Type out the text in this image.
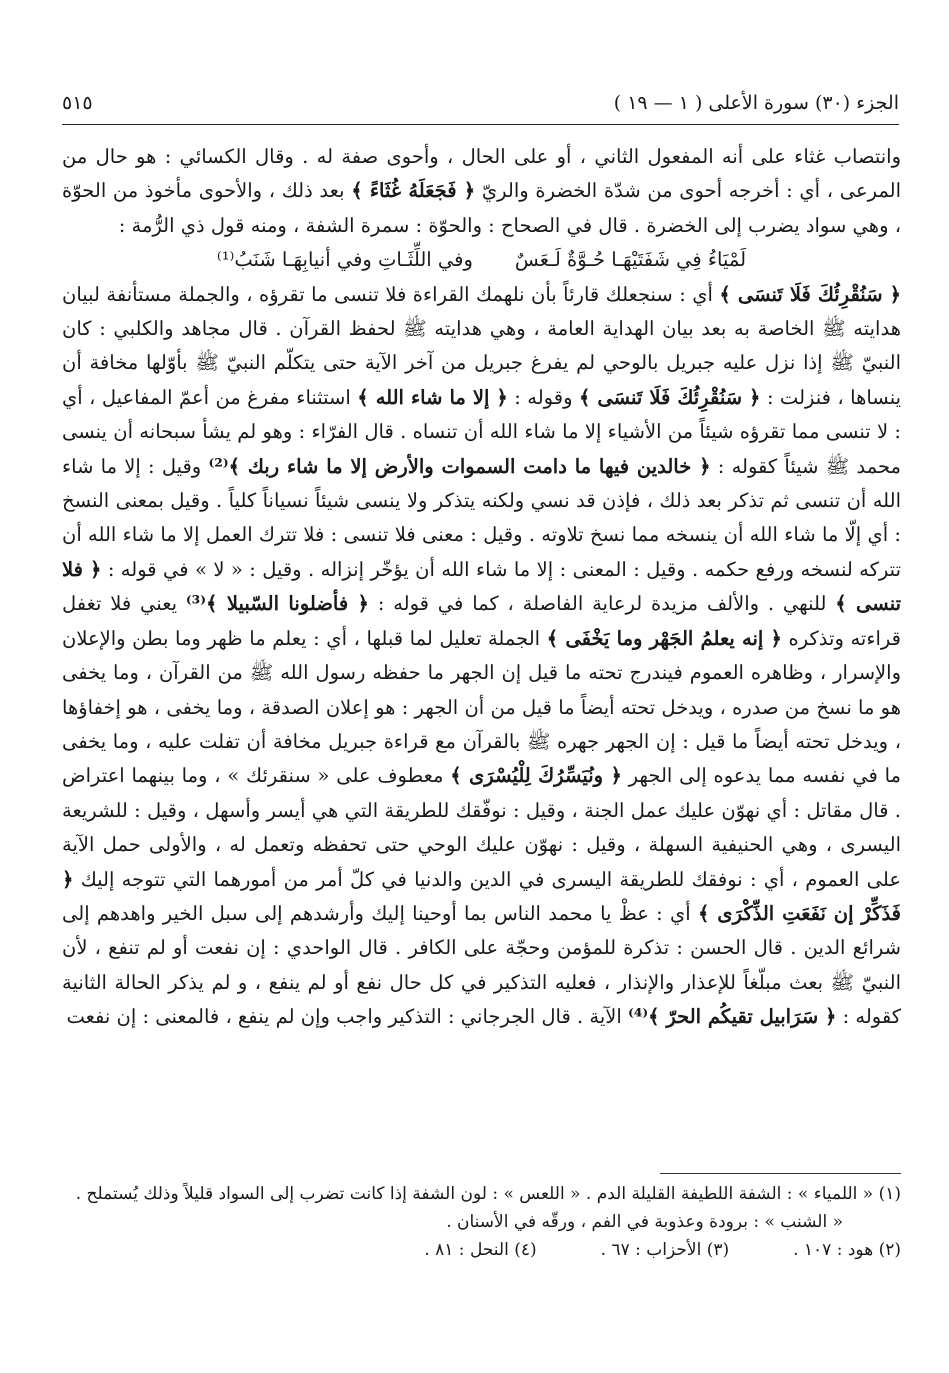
الجزء (٣٠) سورة الأعلى ( ١ — ١٩ )
٥١٥

وانتصاب غثاء على أنه المفعول الثاني ، أو على الحال ، وأحوى صفة له . وقال الكسائي : هو حال من المرعى ، أي : أخرجه أحوى من شدّة الخضرة والريّ ﴿ فَجَعَلَهُ غُثَاءً ﴾ بعد ذلك ، والأحوى مأخوذ من الحوّة ، وهي سواد يضرب إلى الخضرة . قال في الصحاح : والحوّة : سمرة الشفة ، ومنه قول ذي الرُّمة :

لَمْيَاءُ فِي شَفَتَيْهَـا حُـوَّةٌ لَـعَسٌ
وفي اللِّثَـاتِ وفي أنيابِهَـا شَنَبُ⁽¹⁾

﴿ سَنُقْرِئُكَ فَلَا تَنسَى ﴾ أي : سنجعلك قارئاً بأن نلهمك القراءة فلا تنسى ما تقرؤه ، والجملة مستأنفة لبيان هدايته ﷺ الخاصة به بعد بيان الهداية العامة ، وهي هدايته ﷺ لحفظ القرآن . قال مجاهد والكلبي : كان النبيّ ﷺ إذا نزل عليه جبريل بالوحي لم يفرغ جبريل من آخر الآية حتى يتكلّم النبيّ ﷺ بأوّلها مخافة أن ينساها ، فنزلت : ﴿ سَنُقْرِئُكَ فَلَا تَنسَى ﴾ وقوله : ﴿ إلا ما شاء الله ﴾ استثناء مفرغ من أعمّ المفاعيل ، أي : لا تنسى مما تقرؤه شيئاً من الأشياء إلا ما شاء الله أن تنساه . قال الفرّاء : وهو لم يشأ سبحانه أن ينسى محمد ﷺ شيئاً كقوله : ﴿ خالدين فيها ما دامت السموات والأرض إلا ما شاء ربك ﴾⁽²⁾ وقيل : إلا ما شاء الله أن تنسى ثم تذكر بعد ذلك ، فإذن قد نسي ولكنه يتذكر ولا ينسى شيئاً نسياناً كلياً . وقيل بمعنى النسخ : أي إلّا ما شاء الله أن ينسخه مما نسخ تلاوته . وقيل : معنى فلا تنسى : فلا تترك العمل إلا ما شاء الله أن تتركه لنسخه ورفع حكمه . وقيل : المعنى : إلا ما شاء الله أن يؤخّر إنزاله . وقيل : « لا » في قوله : ﴿ فلا تنسى ﴾ للنهي . والألف مزيدة لرعاية الفاصلة ، كما في قوله : ﴿ فأضلونا السّبيلا ﴾⁽³⁾ يعني فلا تغفل قراءته وتذكره ﴿ إنه يعلمُ الجَهْر وما يَخْفَى ﴾ الجملة تعليل لما قبلها ، أي : يعلم ما ظهر وما بطن والإعلان والإسرار ، وظاهره العموم فيندرج تحته ما قيل إن الجهر ما حفظه رسول الله ﷺ من القرآن ، وما يخفى هو ما نسخ من صدره ، ويدخل تحته أيضاً ما قيل من أن الجهر : هو إعلان الصدقة ، وما يخفى ، هو إخفاؤها ، ويدخل تحته أيضاً ما قيل : إن الجهر جهره ﷺ بالقرآن مع قراءة جبريل مخافة أن تفلت عليه ، وما يخفى ما في نفسه مما يدعوه إلى الجهر ﴿ ونُيَسِّرُكَ لِلْيُسْرَى ﴾ معطوف على « سنقرئك » ، وما بينهما اعتراض . قال مقاتل : أي نهوّن عليك عمل الجنة ، وقيل : نوفّقك للطريقة التي هي أيسر وأسهل ، وقيل : للشريعة اليسرى ، وهي الحنيفية السهلة ، وقيل : نهوّن عليك الوحي حتى تحفظه وتعمل له ، والأولى حمل الآية على العموم ، أي : نوفقك للطريقة اليسرى في الدين والدنيا في كلّ أمر من أمورهما التي تتوجه إليك ﴿ فَذَكِّرْ إن نَفَعَتِ الذِّكْرَى ﴾ أي : عظْ يا محمد الناس بما أوحينا إليك وأرشدهم إلى سبل الخير واهدهم إلى شرائع الدين . قال الحسن : تذكرة للمؤمن وحجّة على الكافر . قال الواحدي : إن نفعت أو لم تنفع ، لأن النبيّ ﷺ بعث مبلّغاً للإعذار والإنذار ، فعليه التذكير في كل حال نفع أو لم ينفع ، و لم يذكر الحالة الثانية كقوله : ﴿ سَرَابيل تقيكُم الحرّ ﴾⁽⁴⁾ الآية . قال الجرجاني : التذكير واجب وإن لم ينفع ، فالمعنى : إن نفعت

(١) « اللمياء » : الشفة اللطيفة القليلة الدم . « اللعس » : لون الشفة إذا كانت تضرب إلى السواد قليلاً وذلك يُستملح .
« الشنب » : برودة وعذوبة في الفم ، ورقّه في الأسنان .
(٢) هود : ١٠٧ .
(٣) الأحزاب : ٦٧ .
(٤) النحل : ٨١ .
